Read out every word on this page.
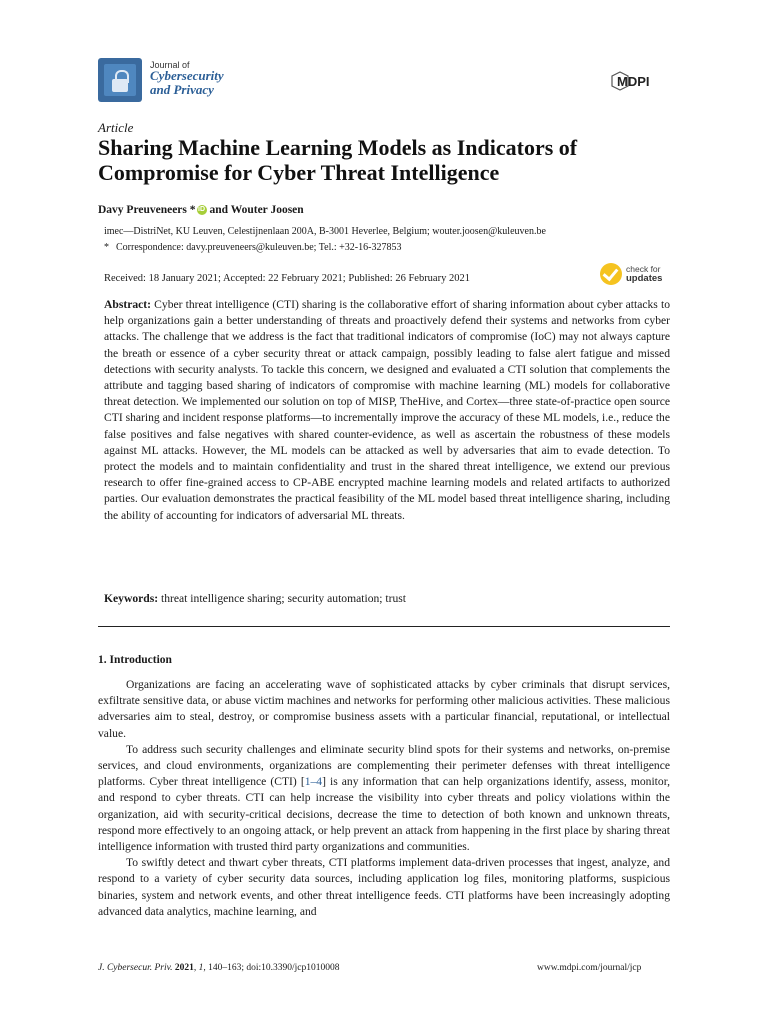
Journal of
Cybersecurity
and Privacy
MDPI
Article
Sharing Machine Learning Models as Indicators of Compromise for Cyber Threat Intelligence
Davy Preuveneers * iD and Wouter Joosen
imec—DistriNet, KU Leuven, Celestijnenlaan 200A, B-3001 Heverlee, Belgium; wouter.joosen@kuleuven.be
* Correspondence: davy.preuveneers@kuleuven.be; Tel.: +32-16-327853
Received: 18 January 2021; Accepted: 22 February 2021; Published: 26 February 2021
check for
updates
Abstract: Cyber threat intelligence (CTI) sharing is the collaborative effort of sharing information about cyber attacks to help organizations gain a better understanding of threats and proactively defend their systems and networks from cyber attacks. The challenge that we address is the fact that traditional indicators of compromise (IoC) may not always capture the breath or essence of a cyber security threat or attack campaign, possibly leading to false alert fatigue and missed detections with security analysts. To tackle this concern, we designed and evaluated a CTI solution that complements the attribute and tagging based sharing of indicators of compromise with machine learning (ML) models for collaborative threat detection. We implemented our solution on top of MISP, TheHive, and Cortex—three state-of-practice open source CTI sharing and incident response platforms—to incrementally improve the accuracy of these ML models, i.e., reduce the false positives and false negatives with shared counter-evidence, as well as ascertain the robustness of these models against ML attacks. However, the ML models can be attacked as well by adversaries that aim to evade detection. To protect the models and to maintain confidentiality and trust in the shared threat intelligence, we extend our previous research to offer fine-grained access to CP-ABE encrypted machine learning models and related artifacts to authorized parties. Our evaluation demonstrates the practical feasibility of the ML model based threat intelligence sharing, including the ability of accounting for indicators of adversarial ML threats.
Keywords: threat intelligence sharing; security automation; trust
1. Introduction

Organizations are facing an accelerating wave of sophisticated attacks by cyber criminals that disrupt services, exfiltrate sensitive data, or abuse victim machines and networks for performing other malicious activities. These malicious adversaries aim to steal, destroy, or compromise business assets with a particular financial, reputational, or intellectual value.

To address such security challenges and eliminate security blind spots for their systems and networks, on-premise services, and cloud environments, organizations are complementing their perimeter defenses with threat intelligence platforms. Cyber threat intelligence (CTI) [1–4] is any information that can help organizations identify, assess, monitor, and respond to cyber threats. CTI can help increase the visibility into cyber threats and policy violations within the organization, aid with security-critical decisions, decrease the time to detection of both known and unknown threats, respond more effectively to an ongoing attack, or help prevent an attack from happening in the first place by sharing threat intelligence information with trusted third party organizations and communities.

To swiftly detect and thwart cyber threats, CTI platforms implement data-driven processes that ingest, analyze, and respond to a variety of cyber security data sources, including application log files, monitoring platforms, suspicious binaries, system and network events, and other threat intelligence feeds. CTI platforms have been increasingly adopting advanced data analytics, machine learning, and

J. Cybersecur. Priv. 2021, 1, 140–163; doi:10.3390/jcp1010008	www.mdpi.com/journal/jcp
